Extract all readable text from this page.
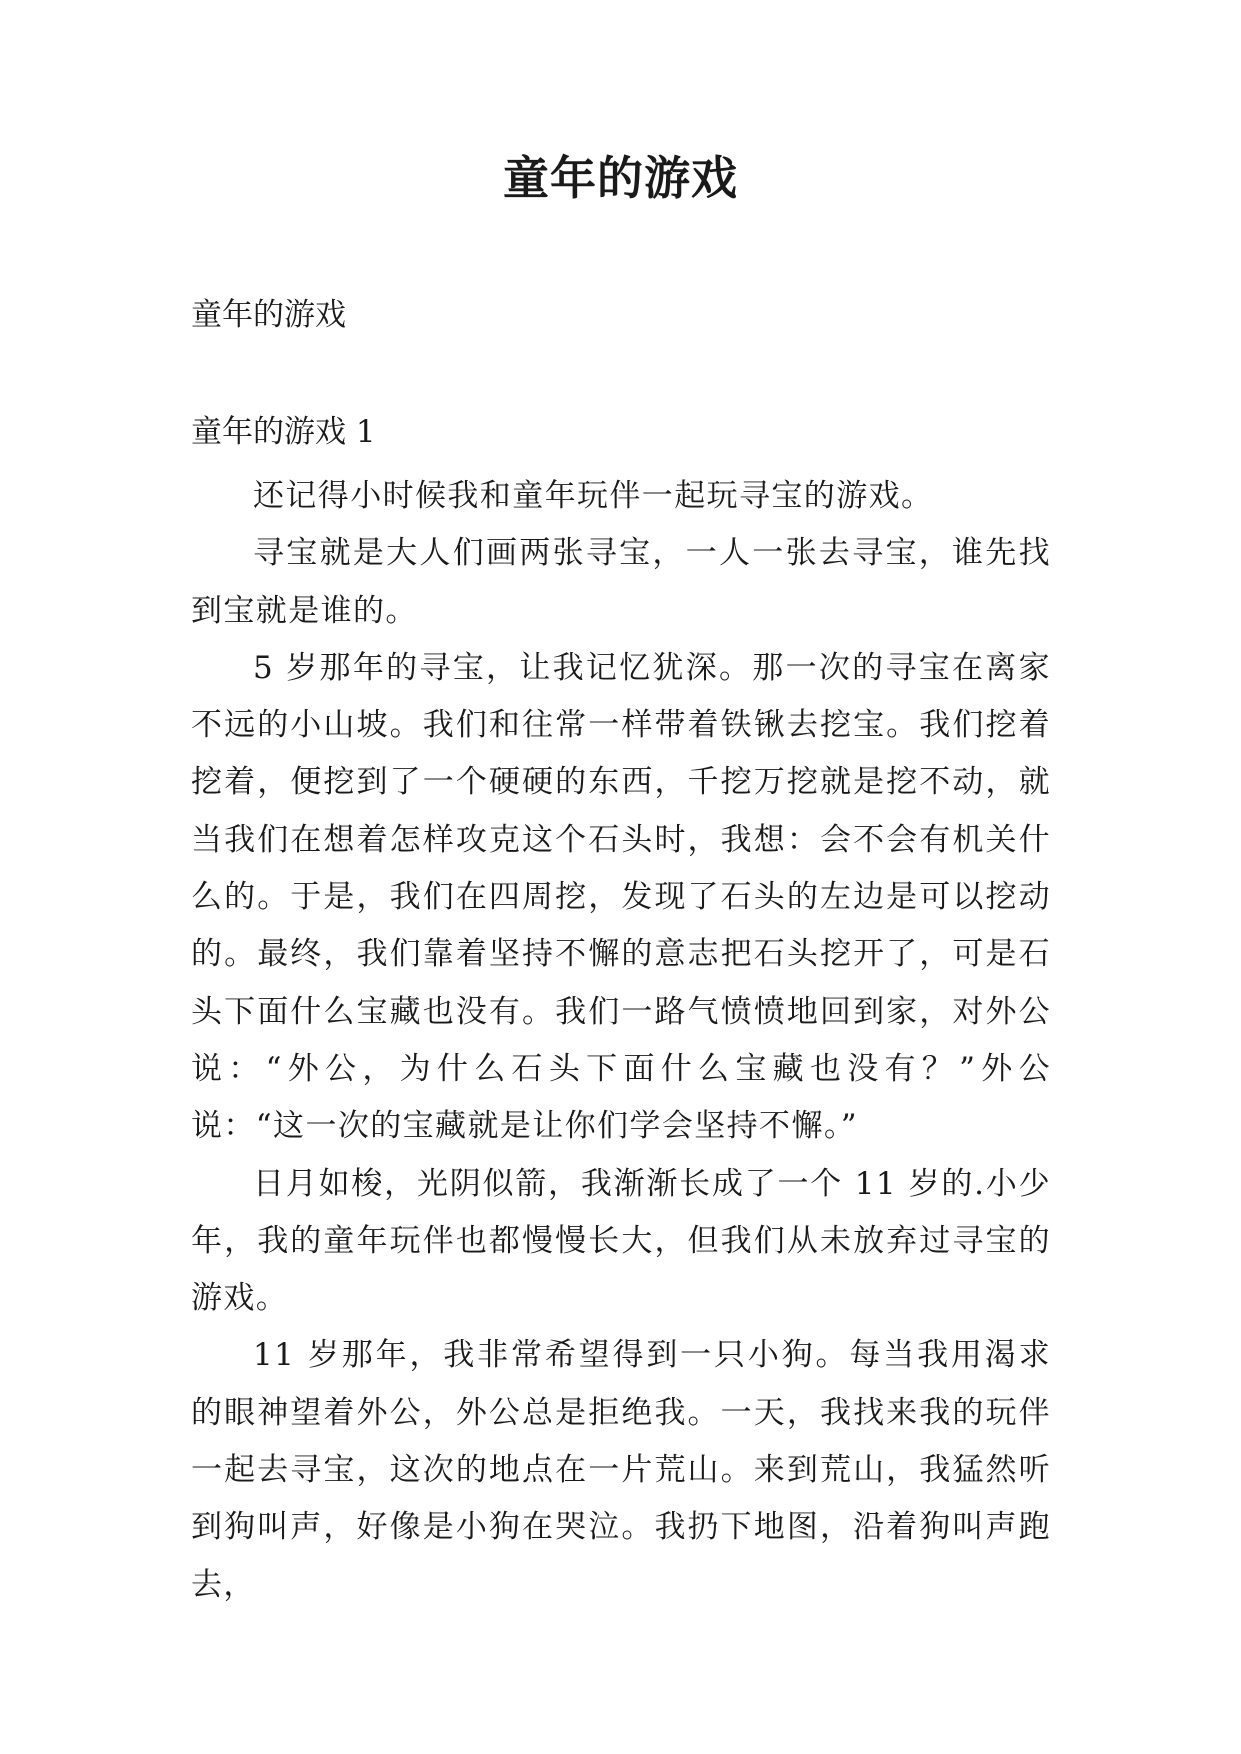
童年的游戏

童年的游戏

童年的游戏 1

还记得小时候我和童年玩伴一起玩寻宝的游戏。

寻宝就是大人们画两张寻宝，一人一张去寻宝，谁先找到宝就是谁的。

5 岁那年的寻宝，让我记忆犹深。那一次的寻宝在离家不远的小山坡。我们和往常一样带着铁锹去挖宝。我们挖着挖着，便挖到了一个硬硬的东西，千挖万挖就是挖不动，就当我们在想着怎样攻克这个石头时，我想：会不会有机关什么的。于是，我们在四周挖，发现了石头的左边是可以挖动的。最终，我们靠着坚持不懈的意志把石头挖开了，可是石头下面什么宝藏也没有。我们一路气愤愤地回到家，对外公说：“外公，为什么石头下面什么宝藏也没有？”外公说：“这一次的宝藏就是让你们学会坚持不懈。”

日月如梭，光阴似箭，我渐渐长成了一个 11 岁的.小少年，我的童年玩伴也都慢慢长大，但我们从未放弃过寻宝的游戏。

11 岁那年，我非常希望得到一只小狗。每当我用渴求的眼神望着外公，外公总是拒绝我。一天，我找来我的玩伴一起去寻宝，这次的地点在一片荒山。来到荒山，我猛然听到狗叫声，好像是小狗在哭泣。我扔下地图，沿着狗叫声跑去，
